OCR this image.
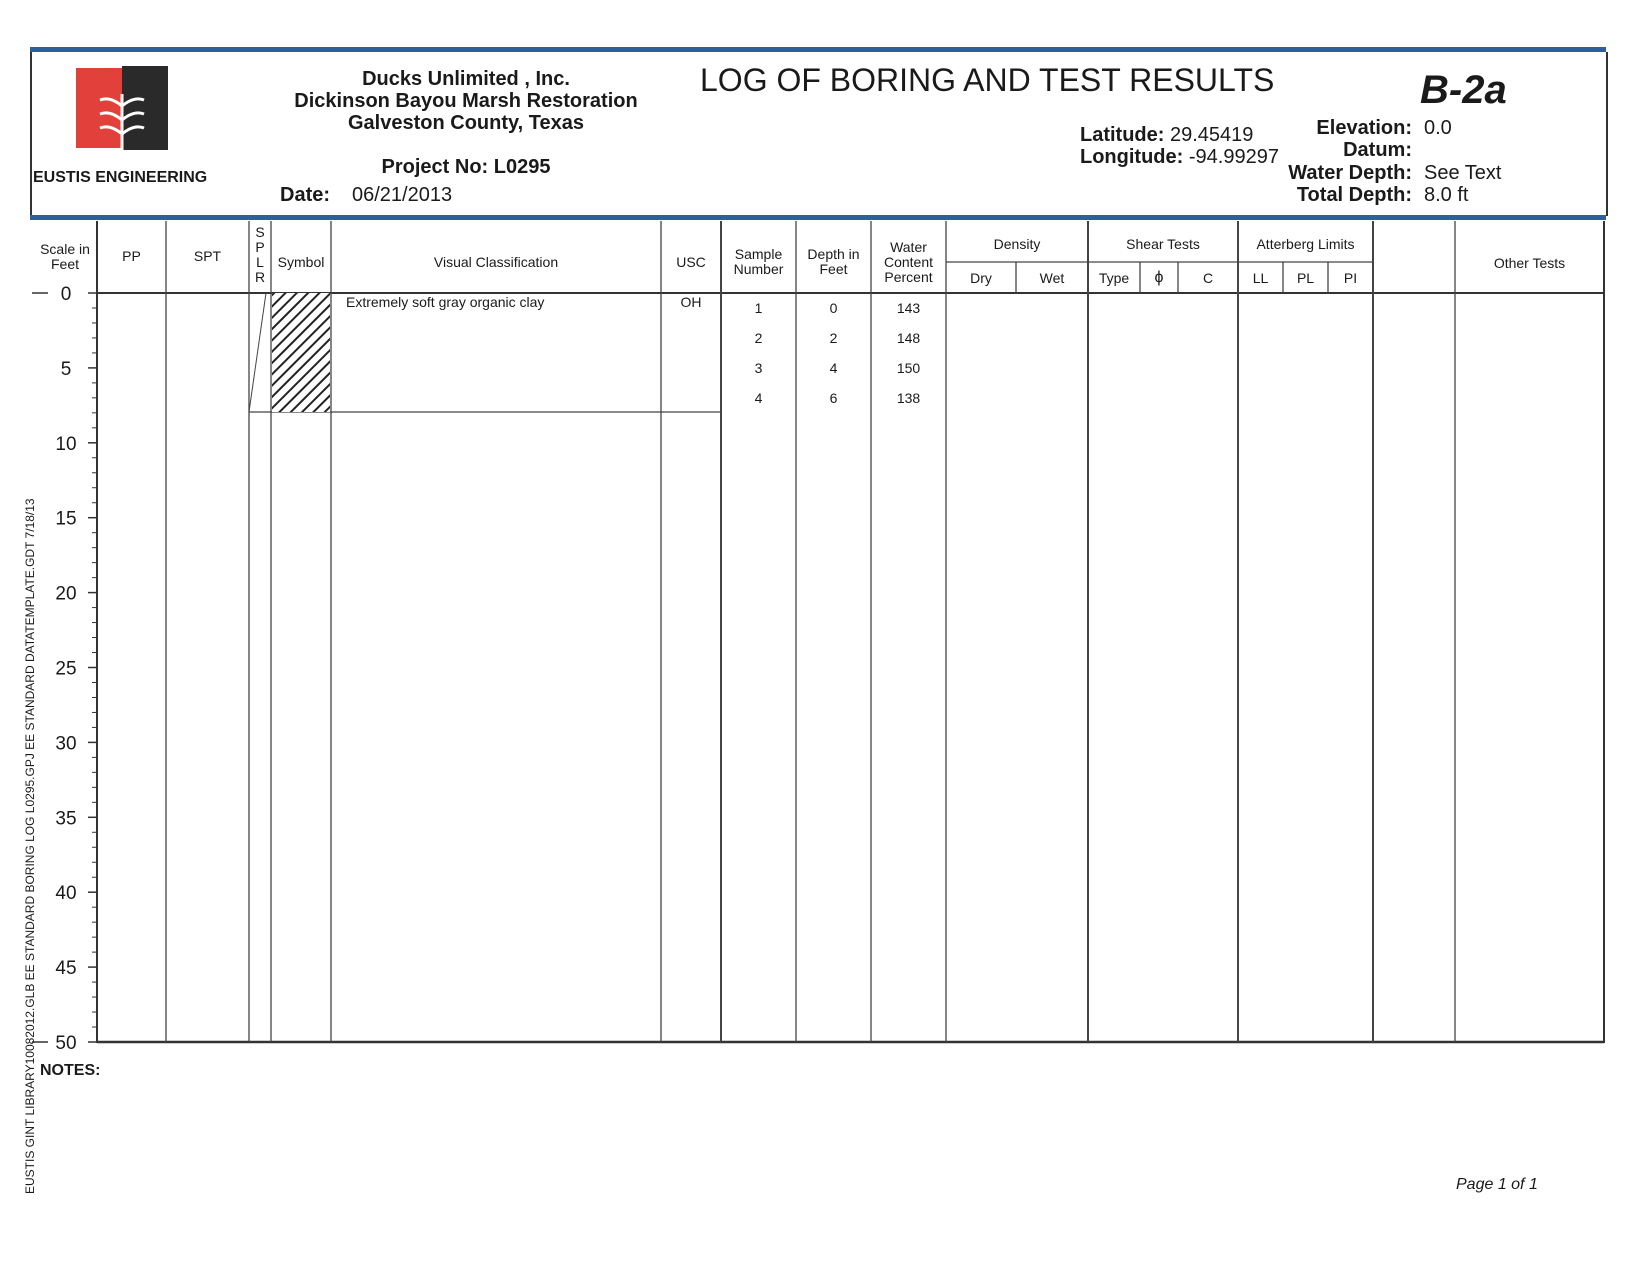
EUSTIS ENGINEERING
Ducks Unlimited , Inc.
Dickinson Bayou Marsh Restoration
Galveston County, Texas
Project No: L0295
Date: 06/21/2013
LOG OF BORING AND TEST RESULTS	B-2a
Latitude: 29.45419
Longitude: -94.99297
Elevation: 0.0
Datum:
Water Depth: See Text
Total Depth: 8.0 ft
0
5
10
15
20
25
30
35
40
45
50
Scale in Feet	PP	SPT
S
P
L
R
Symbol	Visual Classification	USC	Sample Number
Depth in Feet
Water Content Percent
Density
Dry	Wet
Shear Tests
Type	ϕ	C
Atterberg Limits
LL	PL	PI
Other Tests
Extremely soft gray organic clay	OH	1	0	143
2	2	148
3	4	150
4	6	138
NOTES:
Page 1 of 1
EUSTIS GINT LIBRARY10082012.GLB EE STANDARD BORING LOG L0295.GPJ EE STANDARD DATATEMPLATE.GDT 7/18/13
